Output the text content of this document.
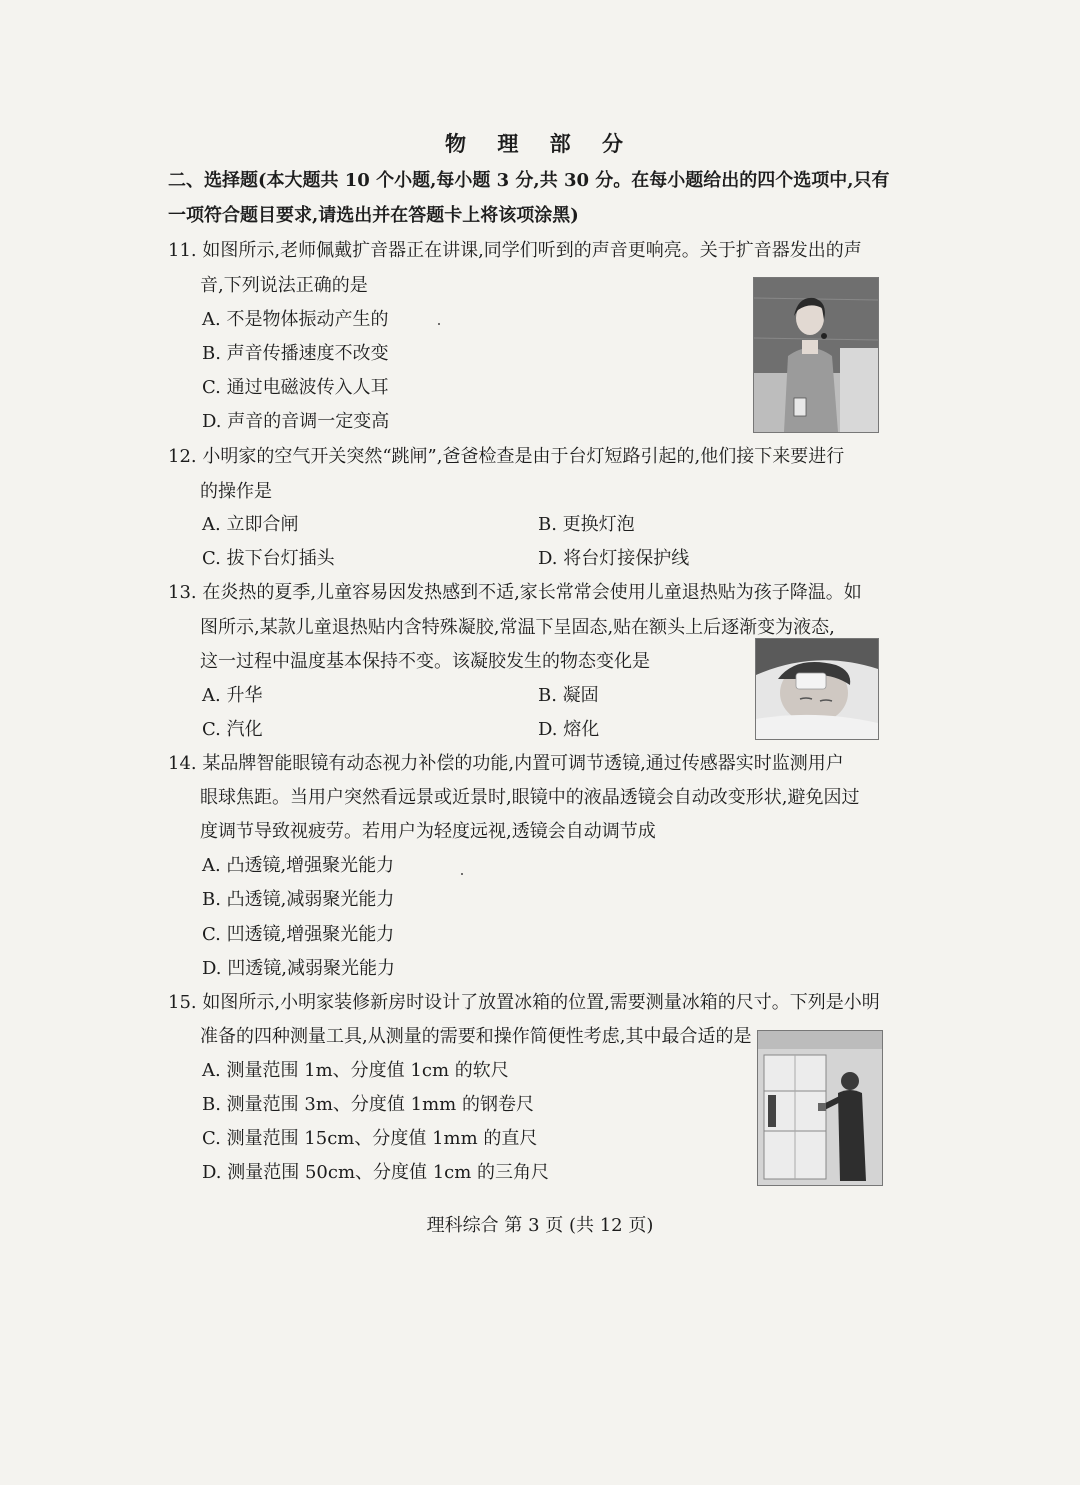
物 理 部 分
二、选择题(本大题共 10 个小题,每小题 3 分,共 30 分。在每小题给出的四个选项中,只有
一项符合题目要求,请选出并在答题卡上将该项涂黑)
11. 如图所示,老师佩戴扩音器正在讲课,同学们听到的声音更响亮。关于扩音器发出的声
音,下列说法正确的是
A. 不是物体振动产生的
B. 声音传播速度不改变
C. 通过电磁波传入人耳
D. 声音的音调一定变高
12. 小明家的空气开关突然“跳闸”,爸爸检查是由于台灯短路引起的,他们接下来要进行
的操作是
A. 立即合闸	B. 更换灯泡
C. 拔下台灯插头	D. 将台灯接保护线
13. 在炎热的夏季,儿童容易因发热感到不适,家长常常会使用儿童退热贴为孩子降温。如
图所示,某款儿童退热贴内含特殊凝胶,常温下呈固态,贴在额头上后逐渐变为液态,
这一过程中温度基本保持不变。该凝胶发生的物态变化是
A. 升华	B. 凝固
C. 汽化	D. 熔化
14. 某品牌智能眼镜有动态视力补偿的功能,内置可调节透镜,通过传感器实时监测用户
眼球焦距。当用户突然看远景或近景时,眼镜中的液晶透镜会自动改变形状,避免因过
度调节导致视疲劳。若用户为轻度远视,透镜会自动调节成
A. 凸透镜,增强聚光能力
B. 凸透镜,减弱聚光能力
C. 凹透镜,增强聚光能力
D. 凹透镜,减弱聚光能力
15. 如图所示,小明家装修新房时设计了放置冰箱的位置,需要测量冰箱的尺寸。下列是小明
准备的四种测量工具,从测量的需要和操作简便性考虑,其中最合适的是
A. 测量范围 1m、分度值 1cm 的软尺
B. 测量范围 3m、分度值 1mm 的钢卷尺
C. 测量范围 15cm、分度值 1mm 的直尺
D. 测量范围 50cm、分度值 1cm 的三角尺
理科综合 第 3 页 (共 12 页)
